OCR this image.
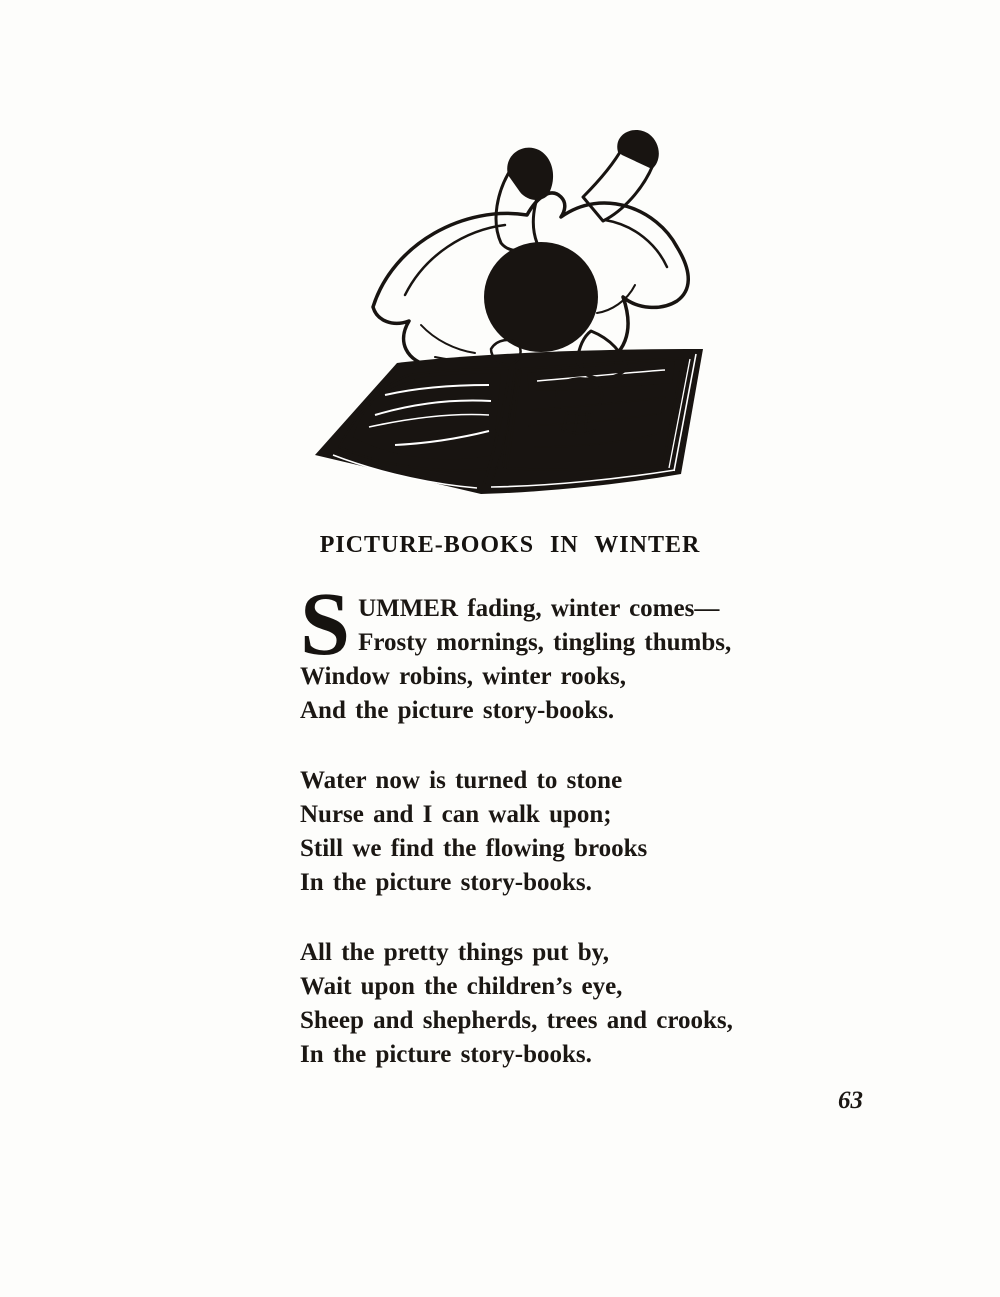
PICTURE-BOOKS IN WINTER
S UMMER fading, winter comes—
Frosty mornings, tingling thumbs,
Window robins, winter rooks,
And the picture story-books.
Water now is turned to stone
Nurse and I can walk upon;
Still we find the flowing brooks
In the picture story-books.
All the pretty things put by,
Wait upon the children’s eye,
Sheep and shepherds, trees and crooks,
In the picture story-books.
63
